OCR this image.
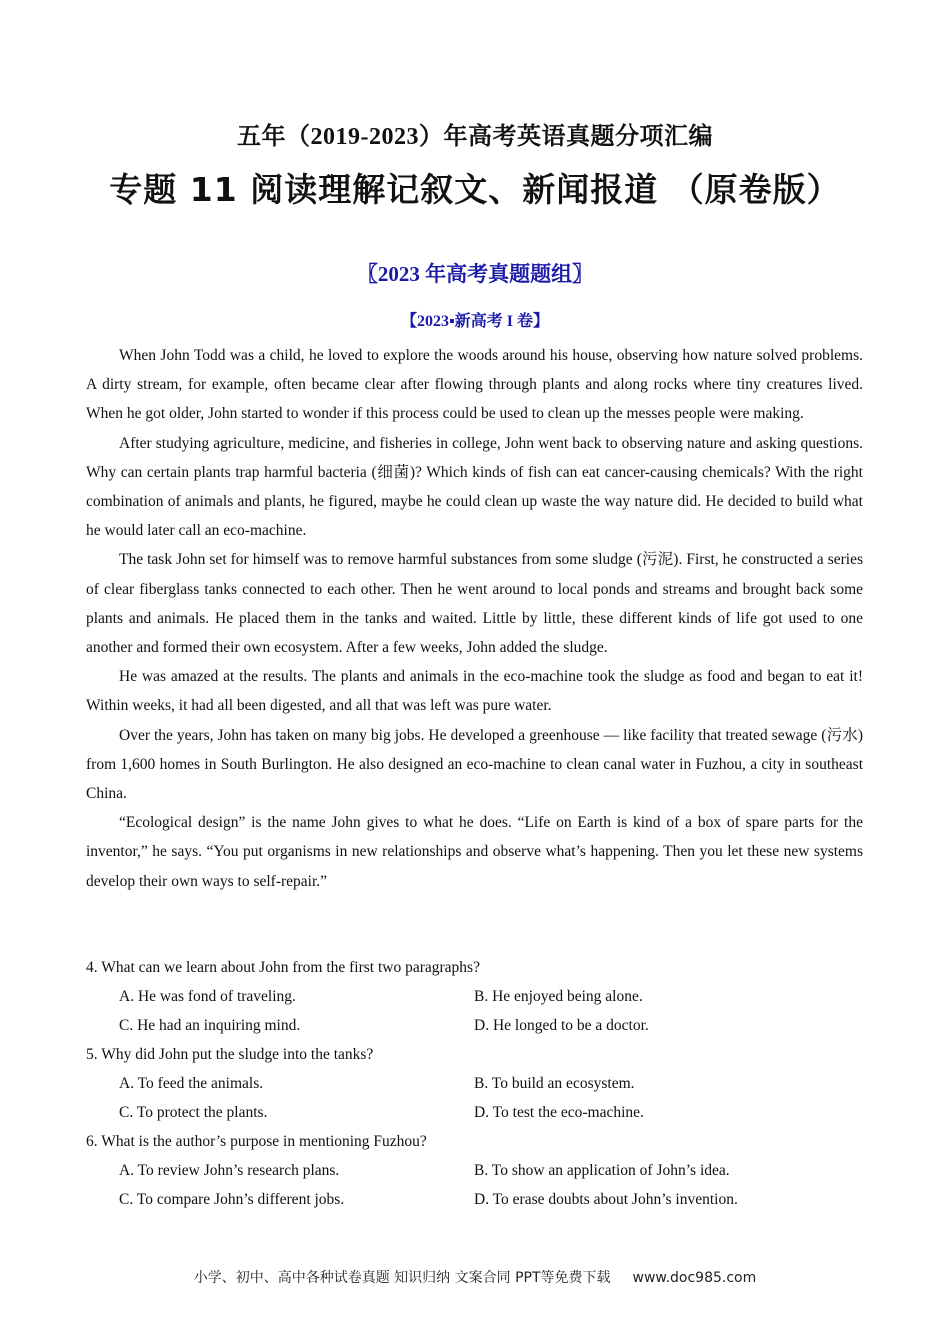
五年（2019-2023）年高考英语真题分项汇编
专题 11 阅读理解记叙文、新闻报道 （原卷版）
〖2023 年高考真题题组〗
【2023▪新高考 I 卷】

When John Todd was a child, he loved to explore the woods around his house, observing how nature solved problems. A dirty stream, for example, often became clear after flowing through plants and along rocks where tiny creatures lived. When he got older, John started to wonder if this process could be used to clean up the messes people were making.

After studying agriculture, medicine, and fisheries in college, John went back to observing nature and asking questions. Why can certain plants trap harmful bacteria (细菌)? Which kinds of fish can eat cancer-causing chemicals? With the right combination of animals and plants, he figured, maybe he could clean up waste the way nature did. He decided to build what he would later call an eco-machine.

The task John set for himself was to remove harmful substances from some sludge (污泥). First, he constructed a series of clear fiberglass tanks connected to each other. Then he went around to local ponds and streams and brought back some plants and animals. He placed them in the tanks and waited. Little by little, these different kinds of life got used to one another and formed their own ecosystem. After a few weeks, John added the sludge.

He was amazed at the results. The plants and animals in the eco-machine took the sludge as food and began to eat it! Within weeks, it had all been digested, and all that was left was pure water.

Over the years, John has taken on many big jobs. He developed a greenhouse — like facility that treated sewage (污水) from 1,600 homes in South Burlington. He also designed an eco-machine to clean canal water in Fuzhou, a city in southeast China.

“Ecological design” is the name John gives to what he does. “Life on Earth is kind of a box of spare parts for the inventor,” he says. “You put organisms in new relationships and observe what’s happening. Then you let these new systems develop their own ways to self-repair.”

4. What can we learn about John from the first two paragraphs?

A. He was fond of traveling.	B. He enjoyed being alone.
C. He had an inquiring mind.	D. He longed to be a doctor.

5. Why did John put the sludge into the tanks?

A. To feed the animals.	B. To build an ecosystem.
C. To protect the plants.	D. To test the eco-machine.

6. What is the author’s purpose in mentioning Fuzhou?

A. To review John’s research plans.	B. To show an application of John’s idea.
C. To compare John’s different jobs.	D. To erase doubts about John’s invention.
小学、初中、高中各种试卷真题 知识归纳 文案合同 PPT等免费下载 www.doc985.com
